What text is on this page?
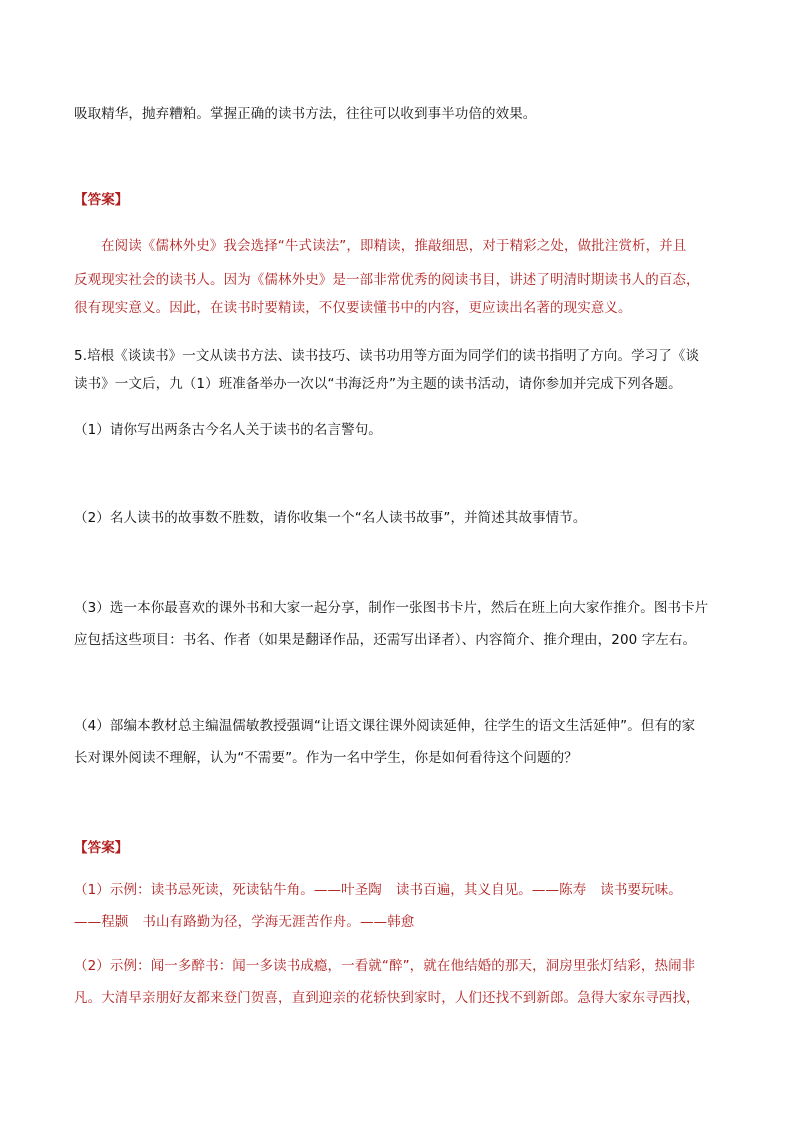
吸取精华，抛弃糟粕。掌握正确的读书方法，往往可以收到事半功倍的效果。
【答案】
在阅读《儒林外史》我会选择“牛式读法”，即精读，推敲细思，对于精彩之处，做批注赏析，并且
反观现实社会的读书人。因为《儒林外史》是一部非常优秀的阅读书目，讲述了明清时期读书人的百态，
很有现实意义。因此，在读书时要精读，不仅要读懂书中的内容，更应读出名著的现实意义。
5.培根《谈读书》一文从读书方法、读书技巧、读书功用等方面为同学们的读书指明了方向。学习了《谈
读书》一文后，九（1）班准备举办一次以“书海泛舟”为主题的读书活动，请你参加并完成下列各题。
（1）请你写出两条古今名人关于读书的名言警句。
（2）名人读书的故事数不胜数，请你收集一个“名人读书故事”，并简述其故事情节。
（3）选一本你最喜欢的课外书和大家一起分享，制作一张图书卡片，然后在班上向大家作推介。图书卡片
应包括这些项目：书名、作者（如果是翻译作品，还需写出译者）、内容简介、推介理由，200 字左右。
（4）部编本教材总主编温儒敏教授强调“让语文课往课外阅读延伸，往学生的语文生活延伸”。但有的家
长对课外阅读不理解，认为“不需要”。作为一名中学生，你是如何看待这个问题的？
【答案】
（1）示例：读书忌死读，死读钻牛角。——叶圣陶 读书百遍，其义自见。——陈寿 读书要玩味。
——程颢 书山有路勤为径，学海无涯苦作舟。——韩愈
（2）示例：闻一多醉书：闻一多读书成瘾，一看就“醉”，就在他结婚的那天，洞房里张灯结彩，热闹非
凡。大清早亲朋好友都来登门贺喜，直到迎亲的花轿快到家时，人们还找不到新郎。急得大家东寻西找，
